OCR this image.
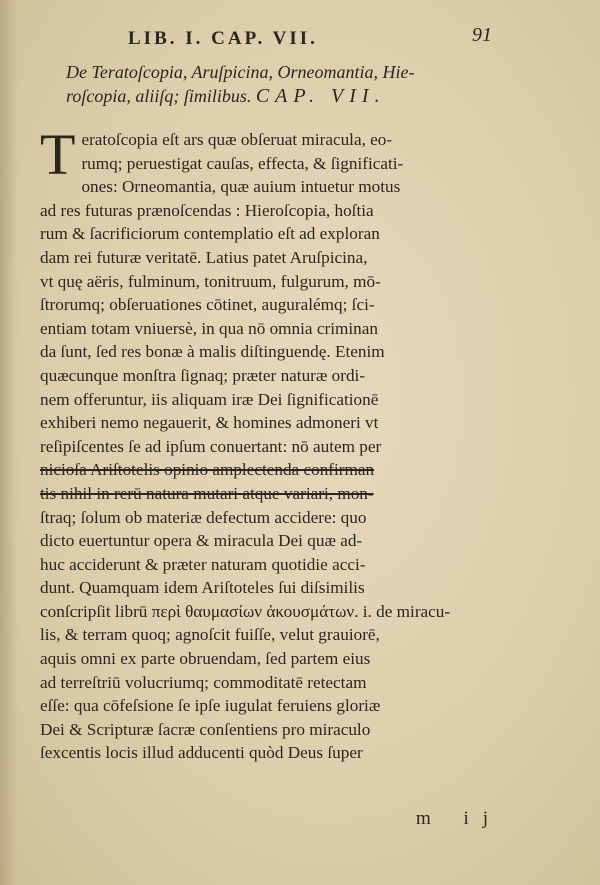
LIB. I. CAP. VII.	91
De Teratoſcopia, Aruſpicina, Orneomantia, Hie-
roſcopia, aliiſq; ſimilibus. CAP. VII.
T eratoſcopia eſt ars quæ obſeruat miracula, eo-
rumq; peruestigat cauſas, effecta, & ſignificati-
ones: Orneomantia, quæ auium intuetur motus
ad res futuras prænoſcendas : Hieroſcopia, hoſtia
rum & ſacrificiorum contemplatio eſt ad exploran
dam rei futuræ veritatē. Latius patet Aruſpicina,
vt quę aëris, fulminum, tonitruum, fulgurum, mō-
ſtrorumq; obſeruationes cōtinet, auguralémq; ſci-
entiam totam vniuersè, in qua nō omnia criminan
da ſunt, ſed res bonæ à malis diſtinguendę. Etenim
quæcunque monſtra ſignaq; præter naturæ ordi-
nem offeruntur, iis aliquam iræ Dei ſignificationē
exhiberi nemo negauerit, & homines admoneri vt
reſipiſcentes ſe ad ipſum conuertant: nō autem per
nicioſa Ariſtotelis opinio amplectenda confirman
tis nihil in rerū natura mutari atque variari, mon-
ſtraq; ſolum ob materiæ defectum accidere: quo
dicto euertuntur opera & miracula Dei quæ ad-
huc acciderunt & præter naturam quotidie acci-
dunt. Quamquam idem Ariſtoteles ſui diſsimilis
conſcripſit librū περὶ θαυμασίων ἀκουσμάτων. i. de miracu-
lis, & terram quoq; agnoſcit fuiſſe, velut grauiorē,
aquis omni ex parte obruendam, ſed partem eius
ad terreſtriū volucriumq; commoditatē retectam
eſſe: qua cōfeſsione ſe ipſe iugulat feruiens gloriæ
Dei & Scripturæ ſacræ conſentiens pro miraculo
ſexcentis locis illud adducenti quòd Deus ſuper
m ij
